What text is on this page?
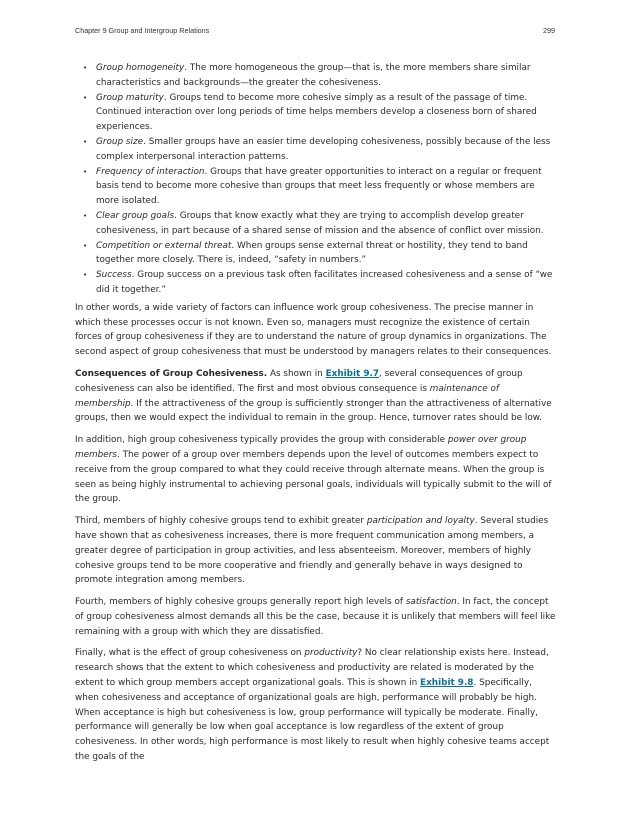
Chapter 9 Group and Intergroup Relations	299
• Group homogeneity. The more homogeneous the group—that is, the more members share similar characteristics and backgrounds—the greater the cohesiveness.
• Group maturity. Groups tend to become more cohesive simply as a result of the passage of time. Continued interaction over long periods of time helps members develop a closeness born of shared experiences.
• Group size. Smaller groups have an easier time developing cohesiveness, possibly because of the less complex interpersonal interaction patterns.
• Frequency of interaction. Groups that have greater opportunities to interact on a regular or frequent basis tend to become more cohesive than groups that meet less frequently or whose members are more isolated.
• Clear group goals. Groups that know exactly what they are trying to accomplish develop greater cohesiveness, in part because of a shared sense of mission and the absence of conflict over mission.
• Competition or external threat. When groups sense external threat or hostility, they tend to band together more closely. There is, indeed, “safety in numbers.”
• Success. Group success on a previous task often facilitates increased cohesiveness and a sense of “we did it together.”

In other words, a wide variety of factors can influence work group cohesiveness. The precise manner in which these processes occur is not known. Even so, managers must recognize the existence of certain forces of group cohesiveness if they are to understand the nature of group dynamics in organizations. The second aspect of group cohesiveness that must be understood by managers relates to their consequences.

Consequences of Group Cohesiveness. As shown in Exhibit 9.7, several consequences of group cohesiveness can also be identified. The first and most obvious consequence is maintenance of membership. If the attractiveness of the group is sufficiently stronger than the attractiveness of alternative groups, then we would expect the individual to remain in the group. Hence, turnover rates should be low.

In addition, high group cohesiveness typically provides the group with considerable power over group members. The power of a group over members depends upon the level of outcomes members expect to receive from the group compared to what they could receive through alternate means. When the group is seen as being highly instrumental to achieving personal goals, individuals will typically submit to the will of the group.

Third, members of highly cohesive groups tend to exhibit greater participation and loyalty. Several studies have shown that as cohesiveness increases, there is more frequent communication among members, a greater degree of participation in group activities, and less absenteeism. Moreover, members of highly cohesive groups tend to be more cooperative and friendly and generally behave in ways designed to promote integration among members.

Fourth, members of highly cohesive groups generally report high levels of satisfaction. In fact, the concept of group cohesiveness almost demands all this be the case, because it is unlikely that members will feel like remaining with a group with which they are dissatisfied.

Finally, what is the effect of group cohesiveness on productivity? No clear relationship exists here. Instead, research shows that the extent to which cohesiveness and productivity are related is moderated by the extent to which group members accept organizational goals. This is shown in Exhibit 9.8. Specifically, when cohesiveness and acceptance of organizational goals are high, performance will probably be high. When acceptance is high but cohesiveness is low, group performance will typically be moderate. Finally, performance will generally be low when goal acceptance is low regardless of the extent of group cohesiveness. In other words, high performance is most likely to result when highly cohesive teams accept the goals of the
